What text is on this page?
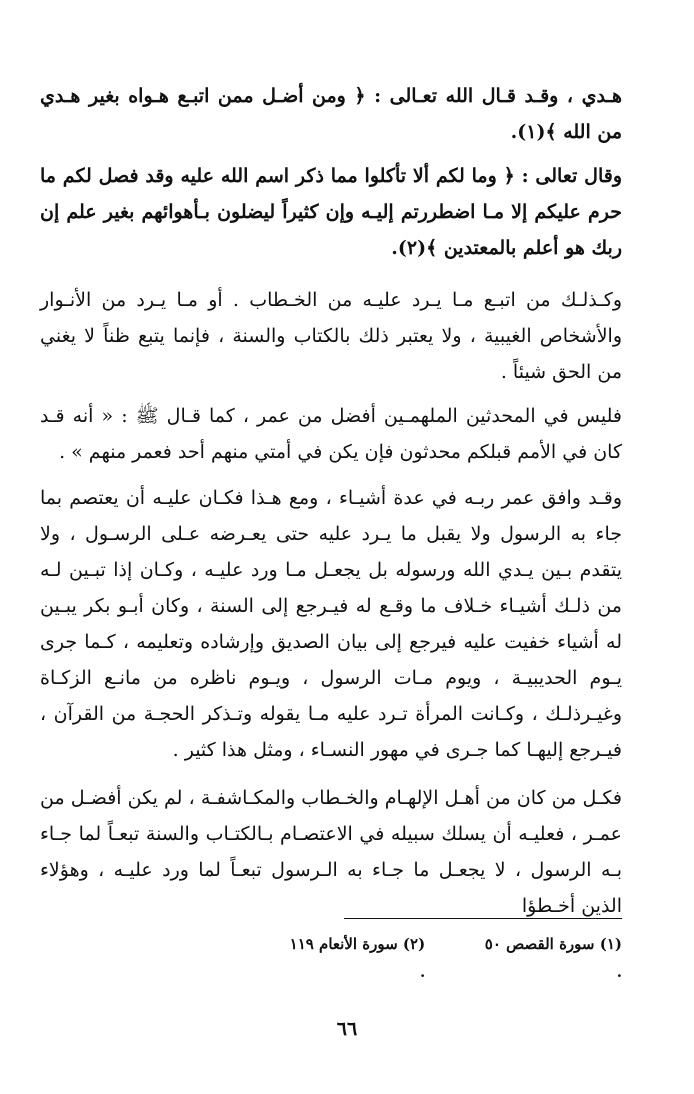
هـدي ، وقـد قـال الله تعـالى : ﴿ ومن أضـل ممن اتبـع هـواه بغير هـدي من الله ﴾(١).

وقال تعالى : ﴿ وما لكم ألا تأكلوا مما ذكر اسم الله عليه وقد فصل لكم ما حرم عليكم إلا مـا اضطررتم إليـه وإن كثيراً ليضلون بـأهوائهم بغير علم إن ربك هو أعلم بالمعتدين ﴾(٢).

وكـذلـك من اتبـع مـا يـرد عليـه من الخـطاب . أو مـا يـرد من الأنـوار والأشخاص الغيبية ، ولا يعتبر ذلك بالكتاب والسنة ، فإنما يتبع ظناً لا يغني من الحق شيئاً .

فليس في المحدثين الملهمـين أفضل من عمر ، كما قـال ﷺ : « أنه قـد كان في الأمم قبلكم محدثون فإن يكن في أمتي منهم أحد فعمر منهم » .

وقـد وافق عمر ربـه في عدة أشيـاء ، ومع هـذا فكـان عليـه أن يعتصم بما جاء به الرسول ولا يقبل ما يـرد عليه حتى يعـرضه عـلى الرسـول ، ولا يتقدم بـين يـدي الله ورسوله بل يجعـل مـا ورد عليـه ، وكـان إذا تبـين لـه من ذلـك أشيـاء خـلاف ما وقـع له فيـرجع إلى السنة ، وكان أبـو بكر يبـين له أشياء خفيت عليه فيرجع إلى بيان الصديق وإرشاده وتعليمه ، كـما جرى يـوم الحديبيـة ، ويوم مـات الرسول ، ويـوم ناظره من مانـع الزكـاة وغيـرذلـك ، وكـانت المرأة تـرد عليه مـا يقوله وتـذكر الحجـة من القرآن ، فيـرجع إليهـا كما جـرى في مهور النسـاء ، ومثل هذا كثير .

فكـل من كان من أهـل الإلهـام والخـطاب والمكـاشفـة ، لم يكن أفضـل من عمـر ، فعليـه أن يسلك سبيله في الاعتصـام بـالكتـاب والسنة تبعـاً لما جـاء بـه الرسول ، لا يجعـل ما جـاء به الـرسول تبعـاً لما ورد عليـه ، وهؤلاء الذين أخـطؤا

(١) سورة القصص ٥٠ .
(٢) سورة الأنعام ١١٩ .
٦٦
